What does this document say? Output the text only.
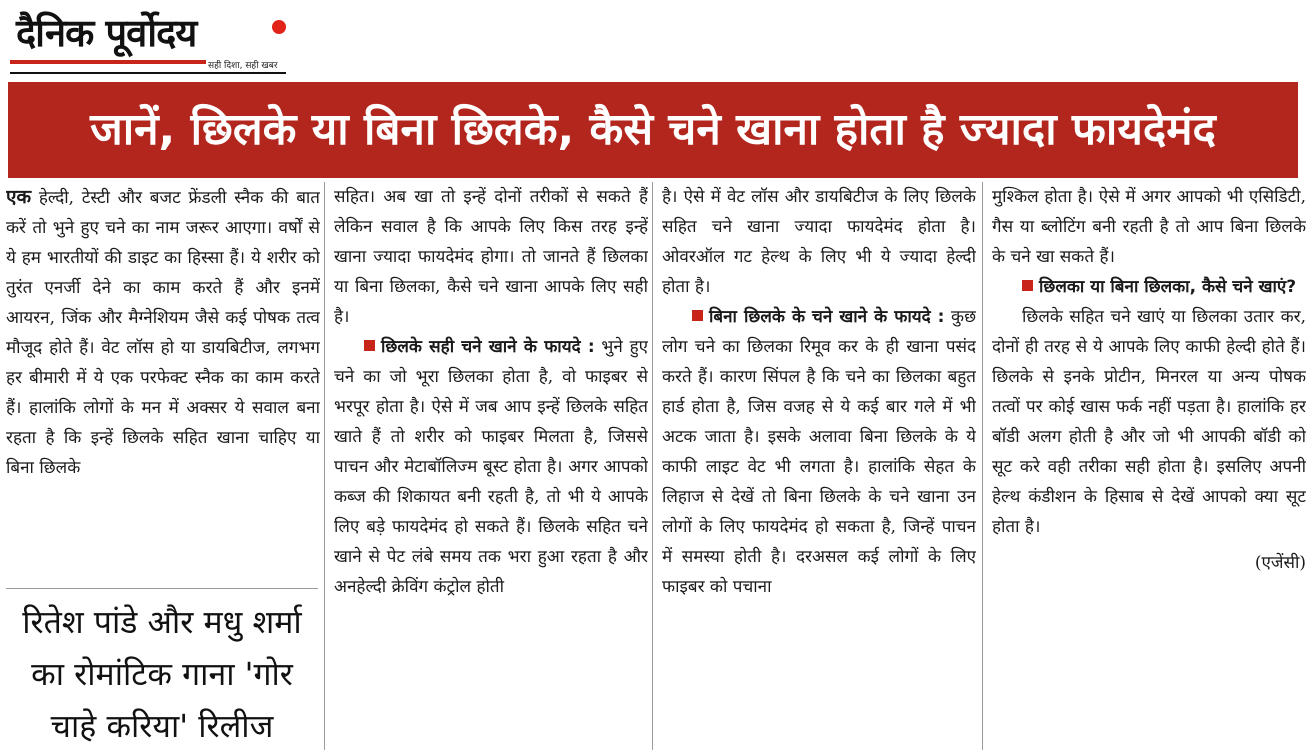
दैनिक पूर्वोदय
सही दिशा, सही खबर
जानें, छिलके या बिना छिलके, कैसे चने खाना होता है ज्यादा फायदेमंद

एक हेल्दी, टेस्टी और बजट फ्रेंडली स्नैक की बात करें तो भुने हुए चने का नाम जरूर आएगा। वर्षों से ये हम भारतीयों की डाइट का हिस्सा हैं। ये शरीर को तुरंत एनर्जी देने का काम करते हैं और इनमें आयरन, जिंक और मैग्नेशियम जैसे कई पोषक तत्व मौजूद होते हैं। वेट लॉस हो या डायबिटीज, लगभग हर बीमारी में ये एक परफेक्ट स्नैक का काम करते हैं। हालांकि लोगों के मन में अक्सर ये सवाल बना रहता है कि इन्हें छिलके सहित खाना चाहिए या बिना छिलके

रितेश पांडे और मधु शर्मा का रोमांटिक गाना 'गोर चाहे करिया' रिलीज

सहित। अब खा तो इन्हें दोनों तरीकों से सकते हैं लेकिन सवाल है कि आपके लिए किस तरह इन्हें खाना ज्यादा फायदेमंद होगा। तो जानते हैं छिलका या बिना छिलका, कैसे चने खाना आपके लिए सही है।

छिलके सही चने खाने के फायदे : भुने हुए चने का जो भूरा छिलका होता है, वो फाइबर से भरपूर होता है। ऐसे में जब आप इन्हें छिलके सहित खाते हैं तो शरीर को फाइबर मिलता है, जिससे पाचन और मेटाबॉलिज्म बूस्ट होता है। अगर आपको कब्ज की शिकायत बनी रहती है, तो भी ये आपके लिए बड़े फायदेमंद हो सकते हैं। छिलके सहित चने खाने से पेट लंबे समय तक भरा हुआ रहता है और अनहेल्दी क्रेविंग कंट्रोल होती

है। ऐसे में वेट लॉस और डायबिटीज के लिए छिलके सहित चने खाना ज्यादा फायदेमंद होता है। ओवरऑल गट हेल्थ के लिए भी ये ज्यादा हेल्दी होता है।

बिना छिलके के चने खाने के फायदे : कुछ लोग चने का छिलका रिमूव कर के ही खाना पसंद करते हैं। कारण सिंपल है कि चने का छिलका बहुत हार्ड होता है, जिस वजह से ये कई बार गले में भी अटक जाता है। इसके अलावा बिना छिलके के ये काफी लाइट वेट भी लगता है। हालांकि सेहत के लिहाज से देखें तो बिना छिलके के चने खाना उन लोगों के लिए फायदेमंद हो सकता है, जिन्हें पाचन में समस्या होती है। दरअसल कई लोगों के लिए फाइबर को पचाना

मुश्किल होता है। ऐसे में अगर आपको भी एसिडिटी, गैस या ब्लोटिंग बनी रहती है तो आप बिना छिलके के चने खा सकते हैं।

छिलका या बिना छिलका, कैसे चने खाएं?

छिलके सहित चने खाएं या छिलका उतार कर, दोनों ही तरह से ये आपके लिए काफी हेल्दी होते हैं। छिलके से इनके प्रोटीन, मिनरल या अन्य पोषक तत्वों पर कोई खास फर्क नहीं पड़ता है। हालांकि हर बॉडी अलग होती है और जो भी आपकी बॉडी को सूट करे वही तरीका सही होता है। इसलिए अपनी हेल्थ कंडीशन के हिसाब से देखें आपको क्या सूट होता है।

(एजेंसी)
